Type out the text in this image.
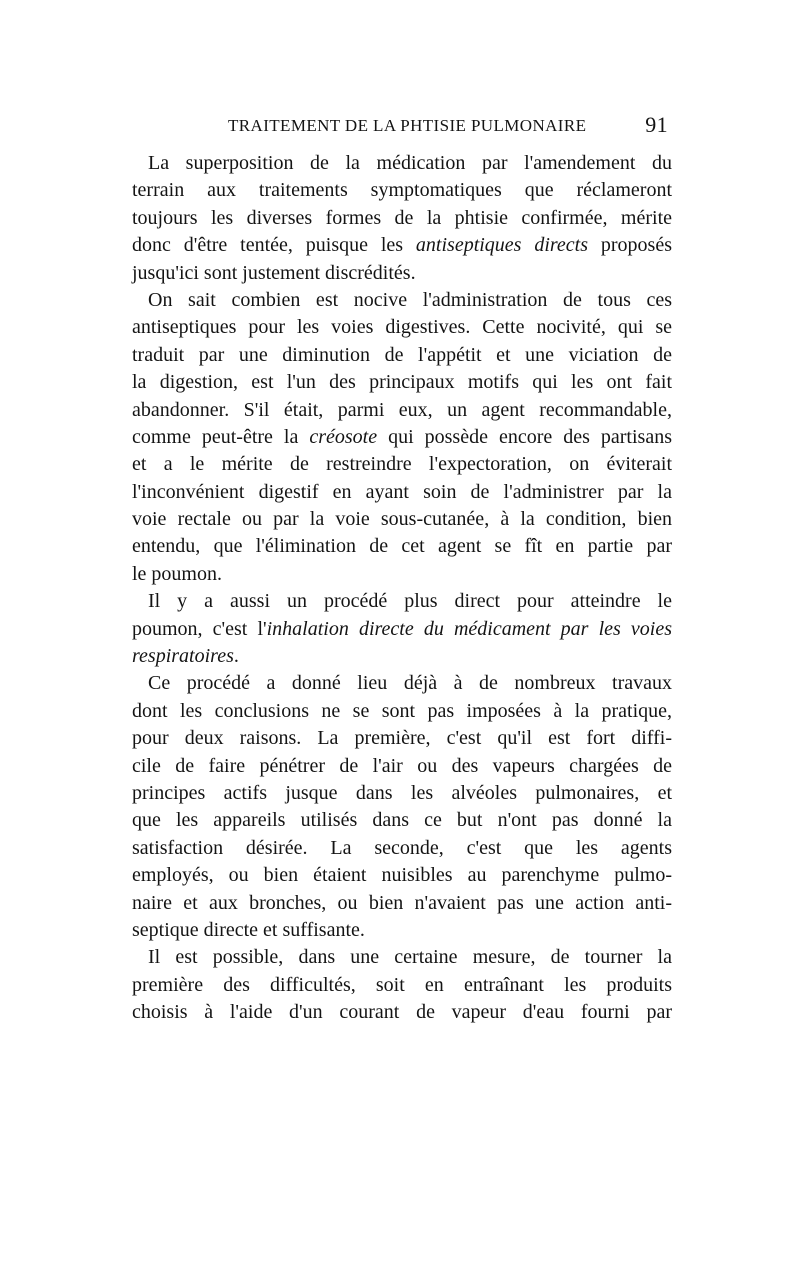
TRAITEMENT DE LA PHTISIE PULMONAIRE	91
La superposition de la médication par l'amendement du
terrain aux traitements symptomatiques que réclameront
toujours les diverses formes de la phtisie confirmée, mérite
donc d'être tentée, puisque les antiseptiques directs proposés
jusqu'ici sont justement discrédités.
On sait combien est nocive l'administration de tous ces
antiseptiques pour les voies digestives. Cette nocivité, qui se
traduit par une diminution de l'appétit et une viciation de
la digestion, est l'un des principaux motifs qui les ont fait
abandonner. S'il était, parmi eux, un agent recommandable,
comme peut-être la créosote qui possède encore des partisans
et a le mérite de restreindre l'expectoration, on éviterait
l'inconvénient digestif en ayant soin de l'administrer par la
voie rectale ou par la voie sous-cutanée, à la condition, bien
entendu, que l'élimination de cet agent se fît en partie par
le poumon.
Il y a aussi un procédé plus direct pour atteindre le
poumon, c'est l'inhalation directe du médicament par les voies
respiratoires.
Ce procédé a donné lieu déjà à de nombreux travaux
dont les conclusions ne se sont pas imposées à la pratique,
pour deux raisons. La première, c'est qu'il est fort diffi-
cile de faire pénétrer de l'air ou des vapeurs chargées de
principes actifs jusque dans les alvéoles pulmonaires, et
que les appareils utilisés dans ce but n'ont pas donné la
satisfaction désirée. La seconde, c'est que les agents
employés, ou bien étaient nuisibles au parenchyme pulmo-
naire et aux bronches, ou bien n'avaient pas une action anti-
septique directe et suffisante.
Il est possible, dans une certaine mesure, de tourner la
première des difficultés, soit en entraînant les produits
choisis à l'aide d'un courant de vapeur d'eau fourni par
